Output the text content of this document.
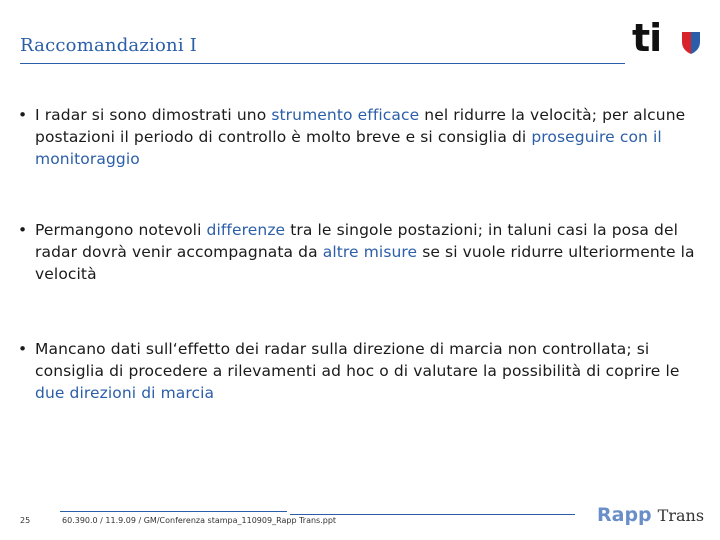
Raccomandazioni I	ti
• I radar si sono dimostrati uno strumento efficace nel ridurre la velocità; per alcune postazioni il periodo di controllo è molto breve e si consiglia di proseguire con il monitoraggio
• Permangono notevoli differenze tra le singole postazioni; in taluni casi la posa del radar dovrà venir accompagnata da altre misure se si vuole ridurre ulteriormente la velocità
• Mancano dati sull‘effetto dei radar sulla direzione di marcia non controllata; si consiglia di procedere a rilevamenti ad hoc o di valutare la possibilità di coprire le due direzioni di marcia
25	60.390.0 / 11.9.09 / GM/Conferenza stampa_110909_Rapp Trans.ppt	Rapp Trans
